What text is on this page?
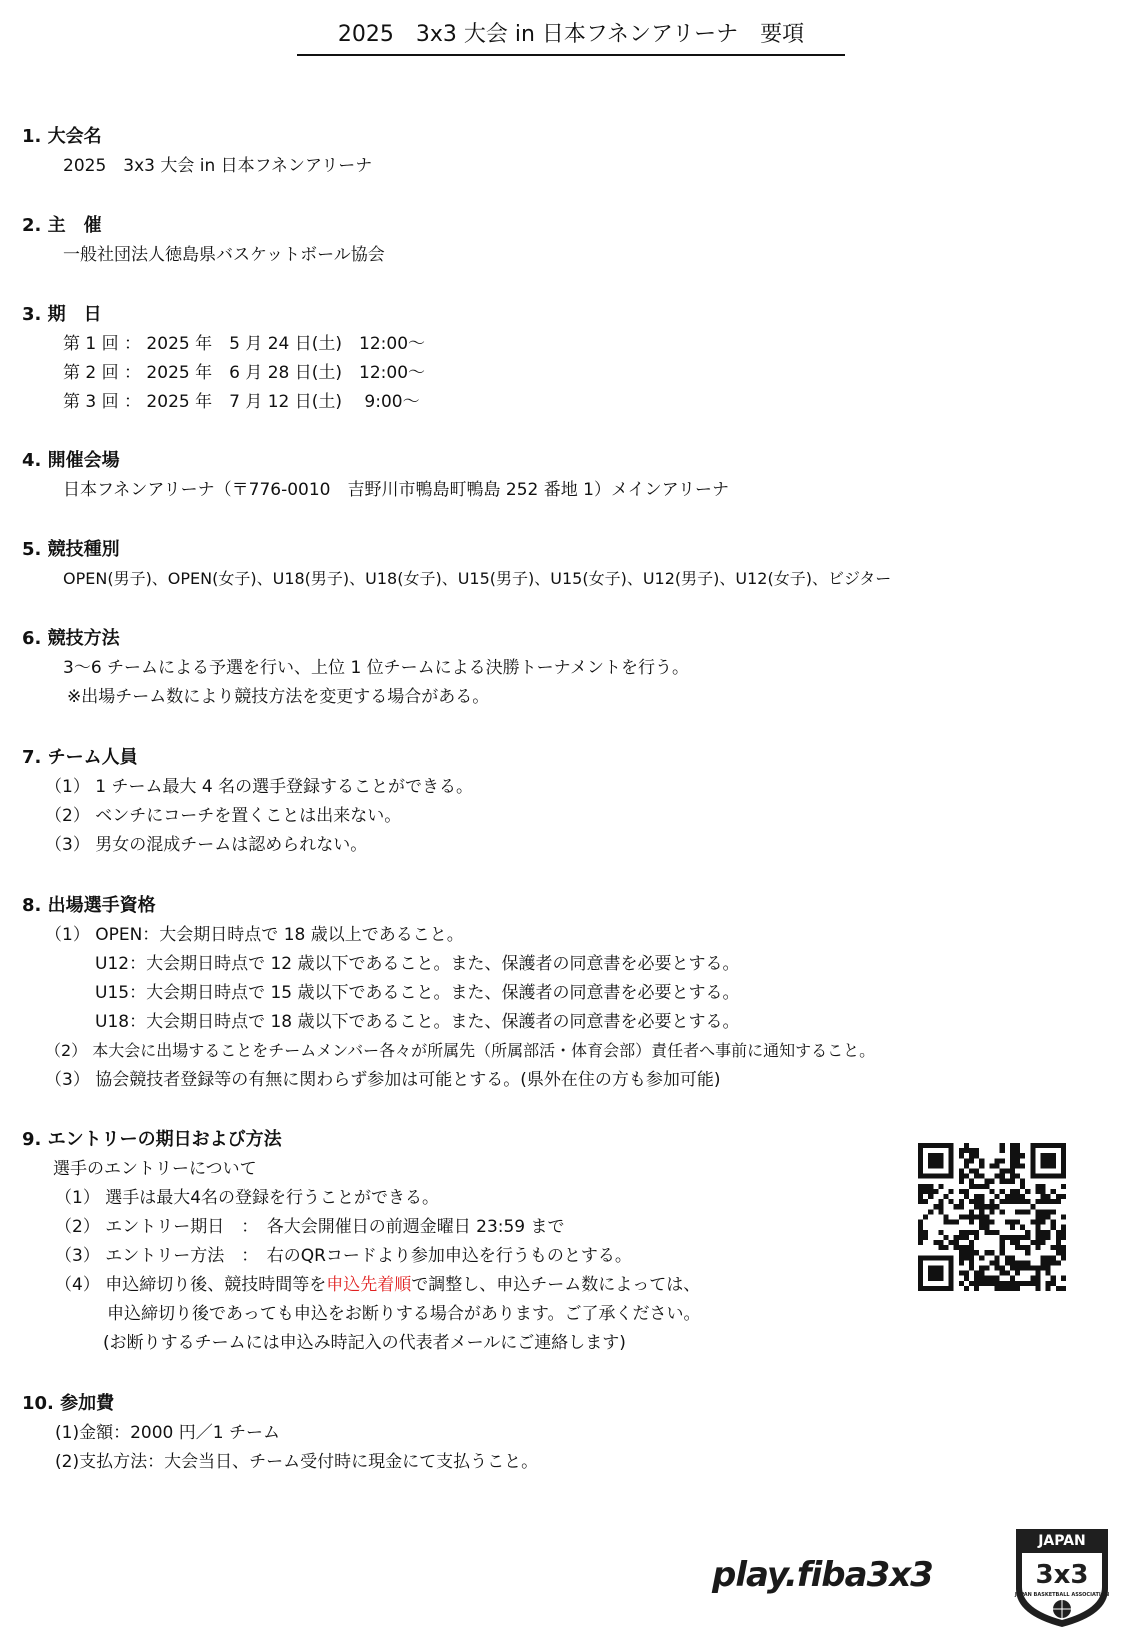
2025　3x3 大会 in 日本フネンアリーナ　要項
1. 大会名
2025　3x3 大会 in 日本フネンアリーナ
2. 主　催
一般社団法人徳島県バスケットボール協会
3. 期　日
第 1 回 ： 2025 年　5 月 24 日(土)　12:00～
第 2 回 ： 2025 年　6 月 28 日(土)　12:00～
第 3 回 ： 2025 年　7 月 12 日(土)　 9:00～
4. 開催会場
日本フネンアリーナ（〒776-0010　吉野川市鴨島町鴨島 252 番地 1）メインアリーナ
5. 競技種別
OPEN(男子)、OPEN(女子)、U18(男子)、U18(女子)、U15(男子)、U15(女子)、U12(男子)、U12(女子)、ビジター
6. 競技方法
3～6 チームによる予選を行い、上位 1 位チームによる決勝トーナメントを行う。
※出場チーム数により競技方法を変更する場合がある。
7. チーム人員
（1） 1 チーム最大 4 名の選手登録することができる。
（2） ベンチにコーチを置くことは出来ない。
（3） 男女の混成チームは認められない。
8. 出場選手資格
（1） OPEN：大会期日時点で 18 歳以上であること。
U12：大会期日時点で 12 歳以下であること。また、保護者の同意書を必要とする。
U15：大会期日時点で 15 歳以下であること。また、保護者の同意書を必要とする。
U18：大会期日時点で 18 歳以下であること。また、保護者の同意書を必要とする。
（2） 本大会に出場することをチームメンバー各々が所属先（所属部活・体育会部）責任者へ事前に通知すること。
（3） 協会競技者登録等の有無に関わらず参加は可能とする。(県外在住の方も参加可能)
9. エントリーの期日および方法
選手のエントリーについて
（1） 選手は最大4名の登録を行うことができる。
（2） エントリー期日　：　各大会開催日の前週金曜日 23:59 まで
（3） エントリー方法　：　右のQRコードより参加申込を行うものとする。
（4） 申込締切り後、競技時間等を申込先着順で調整し、申込チーム数によっては、
申込締切り後であっても申込をお断りする場合があります。ご了承ください。
(お断りするチームには申込み時記入の代表者メールにご連絡します)
10. 参加費
(1)金額：2000 円／1 チーム
(2)支払方法：大会当日、チーム受付時に現金にて支払うこと。
play.fiba3x3
JAPAN
3x3
JAPAN BASKETBALL ASSOCIATION
